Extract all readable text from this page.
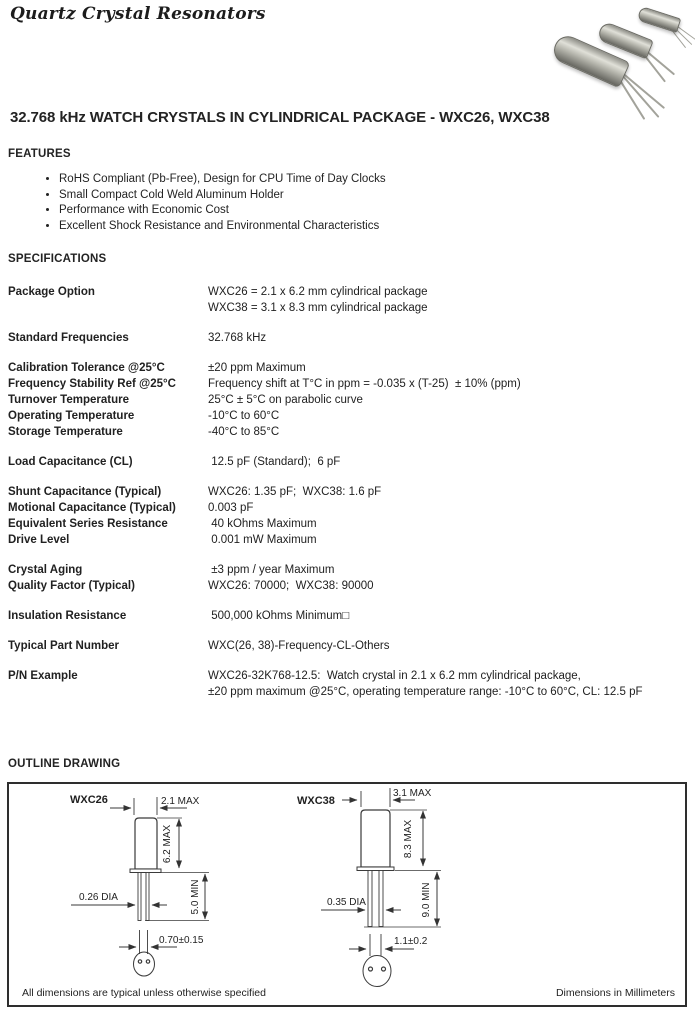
Quartz Crystal Resonators
32.768 kHz WATCH CRYSTALS IN CYLINDRICAL PACKAGE - WXC26, WXC38
FEATURES
• RoHS Compliant (Pb-Free), Design for CPU Time of Day Clocks
• Small Compact Cold Weld Aluminum Holder
• Performance with Economic Cost
• Excellent Shock Resistance and Environmental Characteristics
SPECIFICATIONS
Package Option	WXC26 = 2.1 x 6.2 mm cylindrical package
WXC38 = 3.1 x 8.3 mm cylindrical package
Standard Frequencies	32.768 kHz
Calibration Tolerance @25°C	±20 ppm Maximum
Frequency Stability Ref @25°C	Frequency shift at T°C in ppm = -0.035 x (T-25)  ± 10% (ppm)
Turnover Temperature	25°C ± 5°C on parabolic curve
Operating Temperature	-10°C to 60°C
Storage Temperature	-40°C to 85°C
Load Capacitance (CL)	12.5 pF (Standard);  6 pF
Shunt Capacitance (Typical)	WXC26: 1.35 pF;  WXC38: 1.6 pF
Motional Capacitance (Typical)	0.003 pF
Equivalent Series Resistance	40 kOhms Maximum
Drive Level	0.001 mW Maximum
Crystal Aging	±3 ppm / year Maximum
Quality Factor (Typical)	WXC26: 70000;  WXC38: 90000
Insulation Resistance	500,000 kOhms Minimum□
Typical Part Number	WXC(26, 38)-Frequency-CL-Others
P/N Example	WXC26-32K768-12.5:  Watch crystal in 2.1 x 6.2 mm cylindrical package,
±20 ppm maximum @25°C, operating temperature range: -10°C to 60°C, CL: 12.5 pF
OUTLINE DRAWING
WXC26	2.1 MAX
6.2 MAX
5.0 MIN
0.26 DIA
0.70±0.15
WXC38
3.1 MAX
8.3 MAX
9.0 MIN
0.35 DIA
1.1±0.2
All dimensions are typical unless otherwise specified	Dimensions in Millimeters
